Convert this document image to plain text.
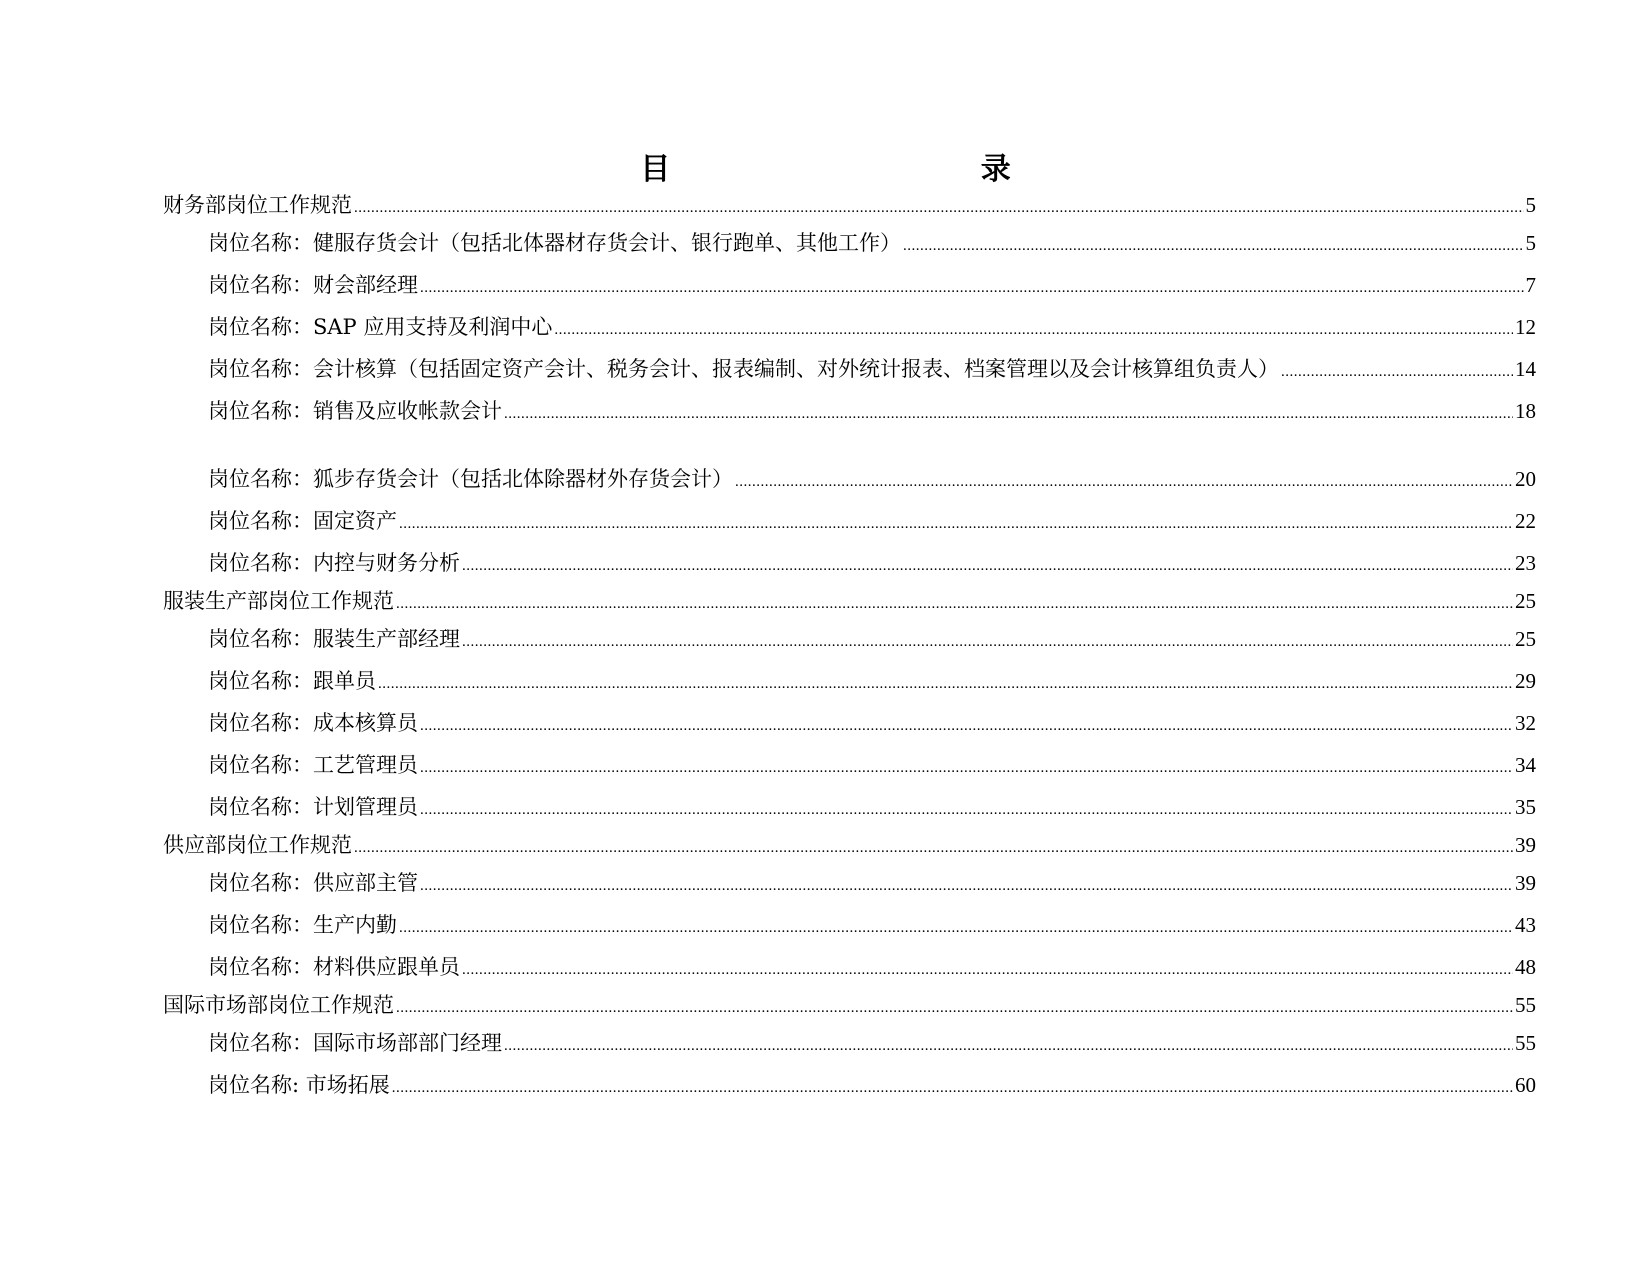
目 录
财务部岗位工作规范 .....	5
岗位名称：健服存货会计（包括北体器材存货会计、银行跑单、其他工作） .....	5
岗位名称：财会部经理 .....	7
岗位名称：SAP 应用支持及利润中心 .....	12
岗位名称：会计核算（包括固定资产会计、税务会计、报表编制、对外统计报表、档案管理以及会计核算组负责人） .....	14
岗位名称：销售及应收帐款会计 .....	18
岗位名称：狐步存货会计（包括北体除器材外存货会计） .....	20
岗位名称：固定资产 .....	22
岗位名称：内控与财务分析 .....	23
服装生产部岗位工作规范 .....	25
岗位名称：服装生产部经理 .....	25
岗位名称：跟单员 .....	29
岗位名称：成本核算员 .....	32
岗位名称：工艺管理员 .....	34
岗位名称：计划管理员 .....	35
供应部岗位工作规范 .....	39
岗位名称：供应部主管 .....	39
岗位名称：生产内勤 .....	43
岗位名称：材料供应跟单员 .....	48
国际市场部岗位工作规范 .....	55
岗位名称：国际市场部部门经理 .....	55
岗位名称: 市场拓展 .....	60
